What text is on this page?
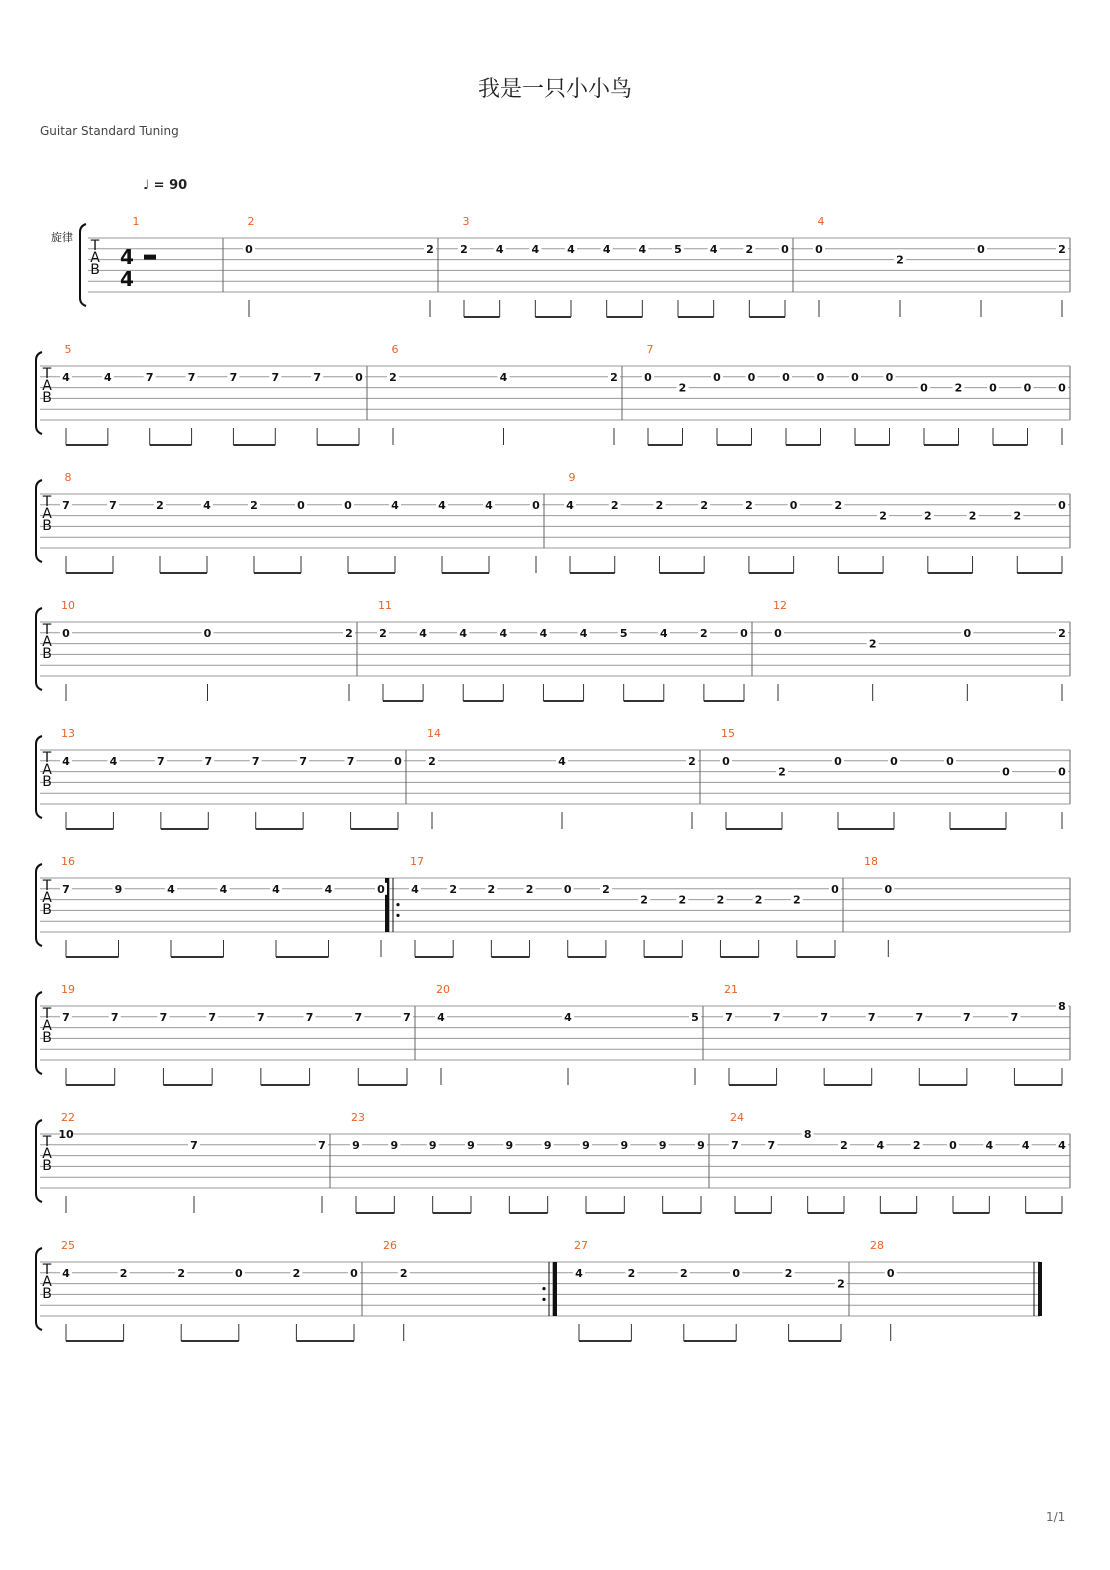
我是一只小小鸟
Guitar Standard Tuning
♩ = 90
T
A
B
旋律
4
4
1	2
0	2
3
2	4	4	4	4	4	5	4	2	0
4
0
2
0	2
T
A
B
5
4	4	7	7	7	7	7	0
6
2	4	2
7
0
2
0 0 0 0 0 0
0 2 0 0 0
T
A
B
8
7	7	2	4	2	0	0	4	4	4	0
9
4	2	2	2	2	0	2
2	2	2	2
0
T
A
B
10
0	0	2
11
2	4	4	4	4	4	5	4	2	0
12
0
2
0	2
T
A
B
13
4	4	7	7	7	7	7	0
14
2	4	2
15
0
2
0	0	0
0	0
T
A
B
16
7	9	4	4	4	4	0
17
4	2	2	2	0	2
2	2	2	2	2
0
18
0
T
A
B
19
7	7	7	7	7	7	7	7
20
4	4	5
21
7	7	7	7	7	7	7
8
T
A
B
22
10
7	7
23
9	9	9	9	9	9	9	9	9	9
24
7	7
8
2	4	2	0	4	4	4
T
A
B
25
4	2	2	0	2	0
26
2
27
4	2	2	0	2
2
28
0
1/1
